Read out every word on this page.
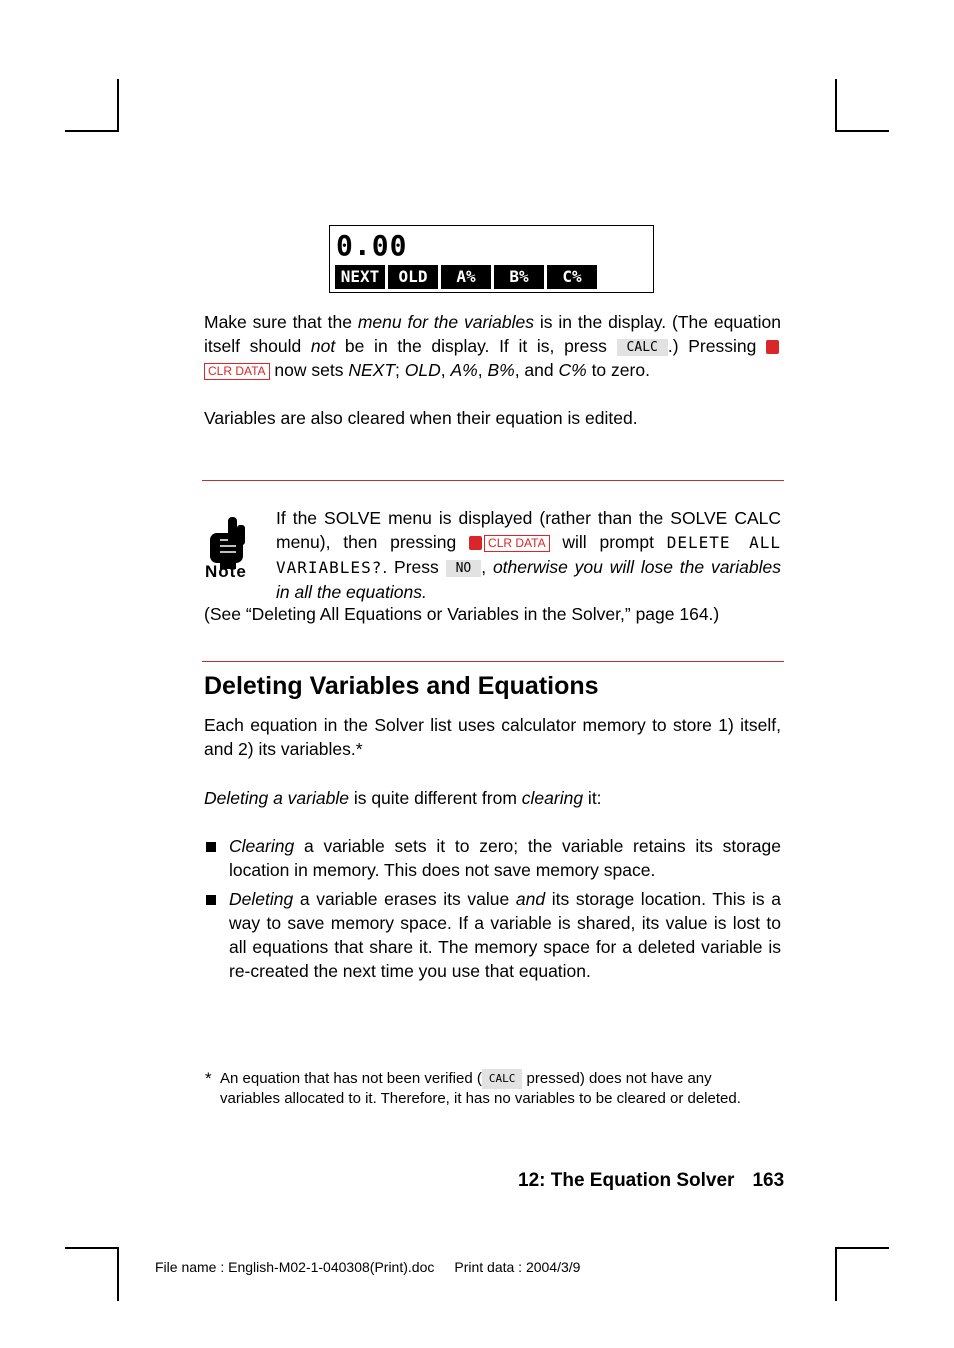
0.00
NEXT	OLD	A%	B%	C%
Make sure that the menu for the variables is in the display. (The equation itself should not be in the display. If it is, press CALC .) Pressing CLR DATA now sets NEXT; OLD, A%, B%, and C% to zero.
Variables are also cleared when their equation is edited.
Note
If the SOLVE menu is displayed (rather than the SOLVE CALC menu), then pressing CLR DATA will prompt DELETE ALL VARIABLES?. Press NO , otherwise you will lose the variables in all the equations.
(See “Deleting All Equations or Variables in the Solver,” page 164.)
Deleting Variables and Equations
Each equation in the Solver list uses calculator memory to store 1) itself, and 2) its variables.*
Deleting a variable is quite different from clearing it:
Clearing a variable sets it to zero; the variable retains its storage location in memory. This does not save memory space.
Deleting a variable erases its value and its storage location. This is a way to save memory space. If a variable is shared, its value is lost to all equations that share it. The memory space for a deleted variable is re-created the next time you use that equation.
* An equation that has not been verified ( CALC pressed) does not have any variables allocated to it. Therefore, it has no variables to be cleared or deleted.
12: The Equation Solver 163
File name : English-M02-1-040308(Print).doc Print data : 2004/3/9
